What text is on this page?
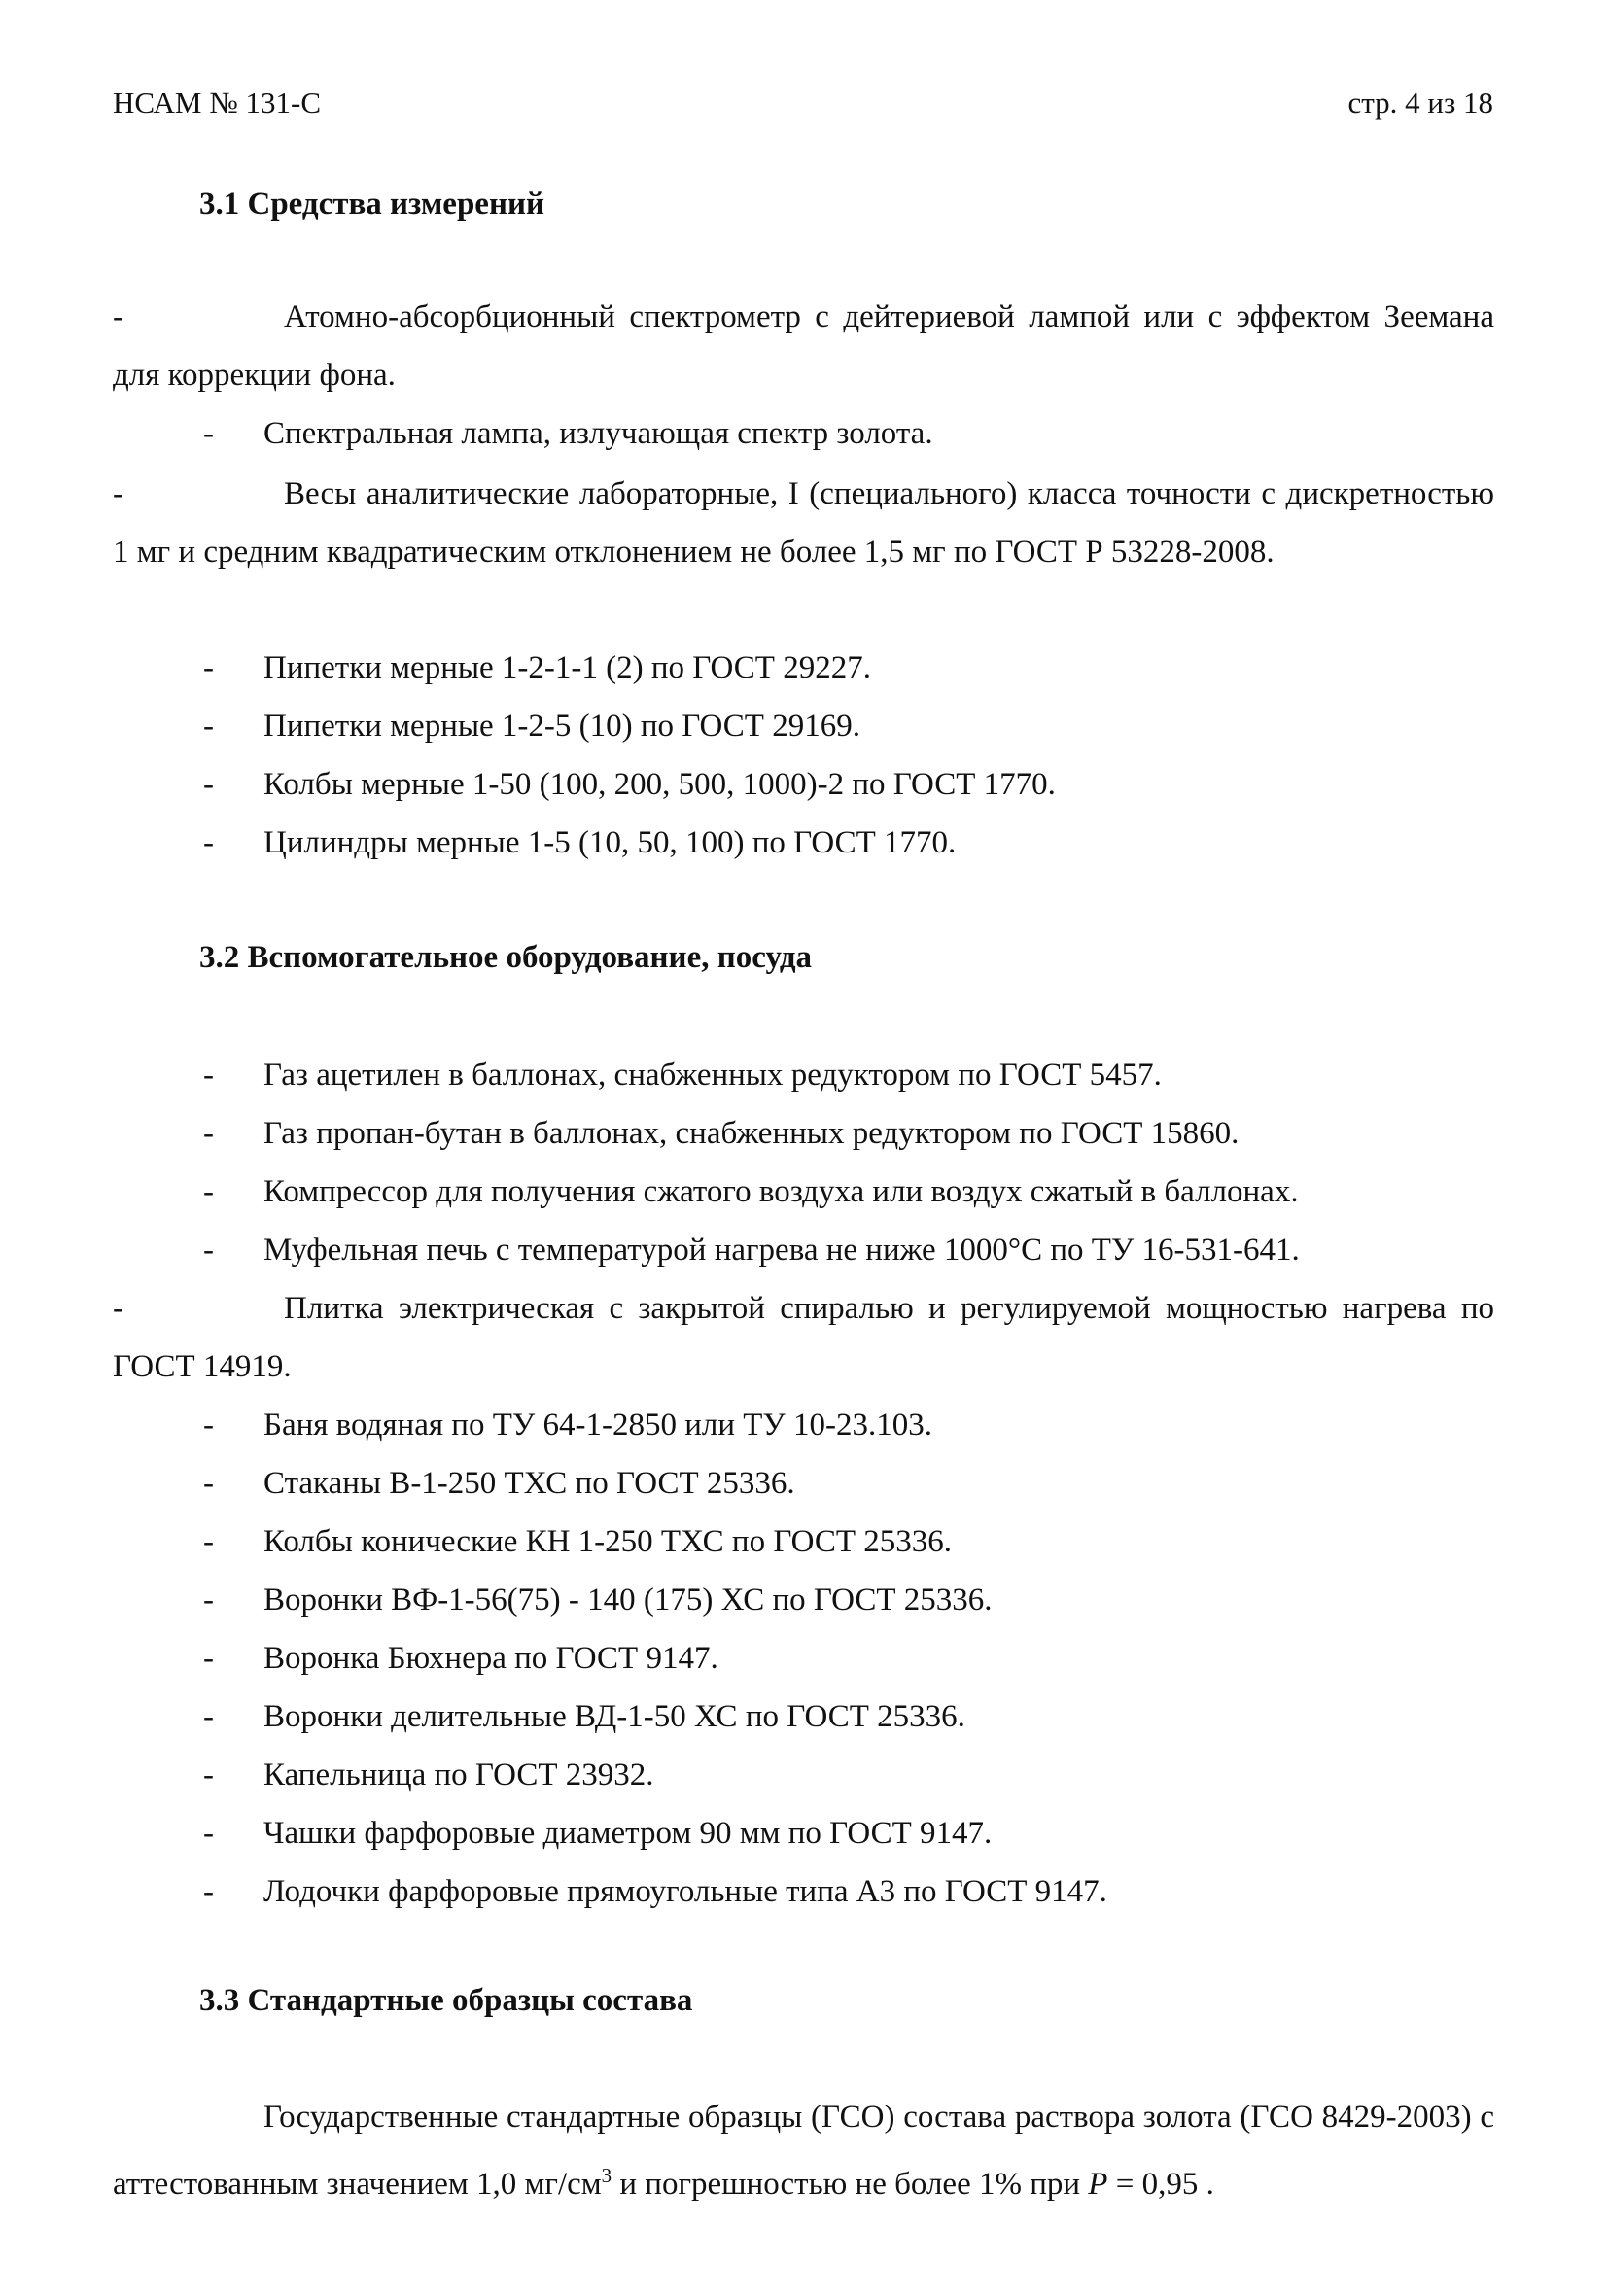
НСАМ № 131-С	стр. 4 из 18
3.1 Средства измерений

-	Атомно-абсорбционный спектрометр с дейтериевой лампой или с эффектом Зеемана для коррекции фона.

- Спектральная лампа, излучающая спектр золота.

-	Весы аналитические лабораторные, I (специального) класса точности с дискретностью 1 мг и средним квадратическим отклонением не более 1,5 мг по ГОСТ Р 53228-2008.

- Пипетки мерные 1-2-1-1 (2) по ГОСТ 29227.
- Пипетки мерные 1-2-5 (10) по ГОСТ 29169.
- Колбы мерные 1-50 (100, 200, 500, 1000)-2 по ГОСТ 1770.
- Цилиндры мерные 1-5 (10, 50, 100) по ГОСТ 1770.
3.2 Вспомогательное оборудование, посуда
- Газ ацетилен в баллонах, снабженных редуктором по ГОСТ 5457.
- Газ пропан-бутан в баллонах, снабженных редуктором по ГОСТ 15860.
- Компрессор для получения сжатого воздуха или воздух сжатый в баллонах.
- Муфельная печь с температурой нагрева не ниже 1000°С по ТУ 16-531-641.

-	Плитка электрическая с закрытой спиралью и регулируемой мощностью нагрева по ГОСТ 14919.

- Баня водяная по ТУ 64-1-2850 или ТУ 10-23.103.
- Стаканы В-1-250 ТХС по ГОСТ 25336.
- Колбы конические КН 1-250 ТХС по ГОСТ 25336.
- Воронки ВФ-1-56(75) - 140 (175) ХС по ГОСТ 25336.
- Воронка Бюхнера по ГОСТ 9147.
- Воронки делительные ВД-1-50 ХС по ГОСТ 25336.
- Капельница по ГОСТ 23932.
- Чашки фарфоровые диаметром 90 мм по ГОСТ 9147.
- Лодочки фарфоровые прямоугольные типа А3 по ГОСТ 9147.
3.3 Стандартные образцы состава

Государственные стандартные образцы (ГСО) состава раствора золота (ГСО 8429-2003) с аттестованным значением 1,0 $мг/см^3$ и погрешностью не более 1% при P = 0,95 .
